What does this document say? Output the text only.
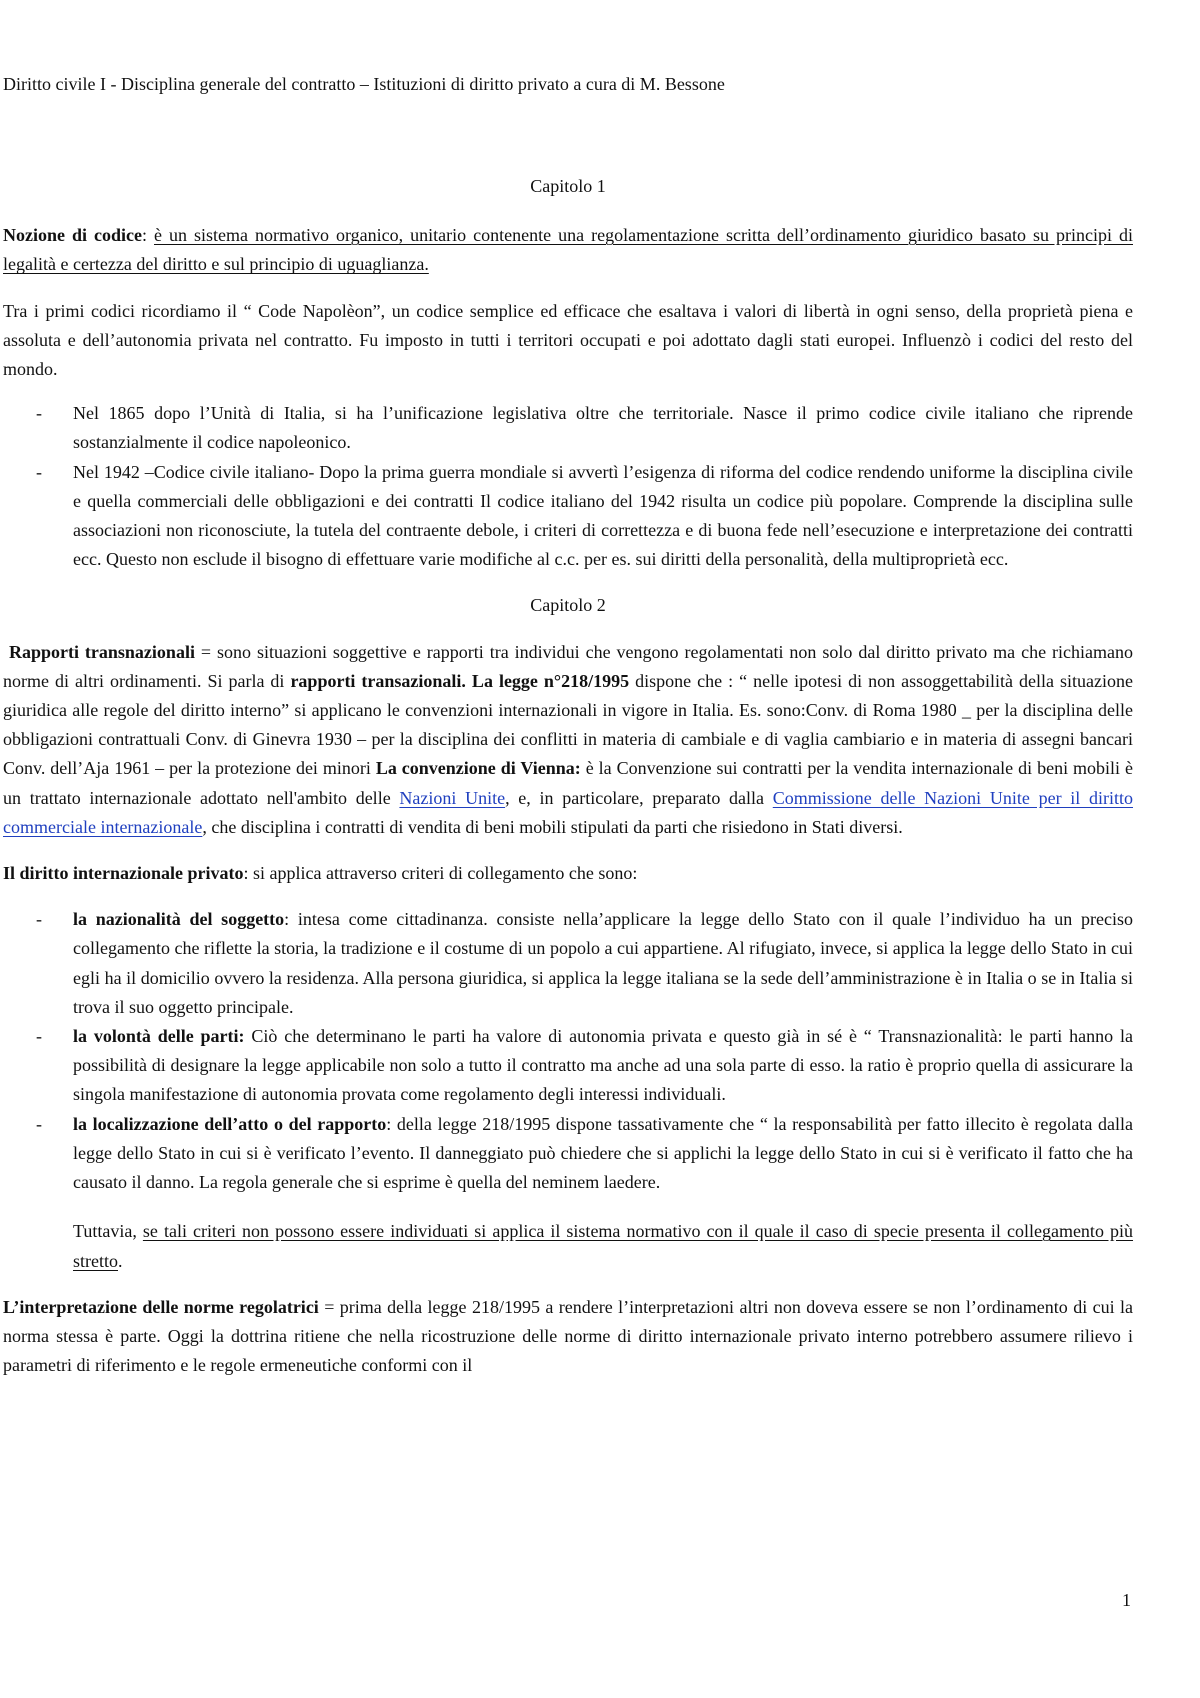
Diritto civile I - Disciplina generale del contratto – Istituzioni di diritto privato a cura di M. Bessone

Capitolo 1

Nozione di codice: è un sistema normativo organico, unitario contenente una regolamentazione scritta dell’ordinamento giuridico basato su principi di legalità e certezza del diritto e sul principio di uguaglianza.

Tra i primi codici ricordiamo il “ Code Napolèon”, un codice semplice ed efficace che esaltava i valori di libertà in ogni senso, della proprietà piena e assoluta e dell’autonomia privata nel contratto. Fu imposto in tutti i territori occupati e poi adottato dagli stati europei. Influenzò i codici del resto del mondo.

- Nel 1865 dopo l’Unità di Italia, si ha l’unificazione legislativa oltre che territoriale. Nasce il primo codice civile italiano che riprende sostanzialmente il codice napoleonico.
- Nel 1942 –Codice civile italiano- Dopo la prima guerra mondiale si avvertì l’esigenza di riforma del codice rendendo uniforme la disciplina civile e quella commerciali delle obbligazioni e dei contratti Il codice italiano del 1942 risulta un codice più popolare. Comprende la disciplina sulle associazioni non riconosciute, la tutela del contraente debole, i criteri di correttezza e di buona fede nell’esecuzione e interpretazione dei contratti ecc. Questo non esclude il bisogno di effettuare varie modifiche al c.c. per es. sui diritti della personalità, della multiproprietà ecc.

Capitolo 2

Rapporti transnazionali = sono situazioni soggettive e rapporti tra individui che vengono regolamentati non solo dal diritto privato ma che richiamano norme di altri ordinamenti. Si parla di rapporti transazionali. La legge n°218/1995 dispone che : “ nelle ipotesi di non assoggettabilità della situazione giuridica alle regole del diritto interno” si applicano le convenzioni internazionali in vigore in Italia. Es. sono:Conv. di Roma 1980 _ per la disciplina delle obbligazioni contrattuali Conv. di Ginevra 1930 – per la disciplina dei conflitti in materia di cambiale e di vaglia cambiario e in materia di assegni bancari Conv. dell’Aja 1961 – per la protezione dei minori La convenzione di Vienna: è la Convenzione sui contratti per la vendita internazionale di beni mobili è un trattato internazionale adottato nell'ambito delle Nazioni Unite, e, in particolare, preparato dalla Commissione delle Nazioni Unite per il diritto commerciale internazionale, che disciplina i contratti di vendita di beni mobili stipulati da parti che risiedono in Stati diversi.

Il diritto internazionale privato: si applica attraverso criteri di collegamento che sono:

- la nazionalità del soggetto: intesa come cittadinanza. consiste nella’applicare la legge dello Stato con il quale l’individuo ha un preciso collegamento che riflette la storia, la tradizione e il costume di un popolo a cui appartiene. Al rifugiato, invece, si applica la legge dello Stato in cui egli ha il domicilio ovvero la residenza. Alla persona giuridica, si applica la legge italiana se la sede dell’amministrazione è in Italia o se in Italia si trova il suo oggetto principale.
- la volontà delle parti: Ciò che determinano le parti ha valore di autonomia privata e questo già in sé è “ Transnazionalità: le parti hanno la possibilità di designare la legge applicabile non solo a tutto il contratto ma anche ad una sola parte di esso. la ratio è proprio quella di assicurare la singola manifestazione di autonomia provata come regolamento degli interessi individuali.
- la localizzazione dell’atto o del rapporto: della legge 218/1995 dispone tassativamente che “ la responsabilità per fatto illecito è regolata dalla legge dello Stato in cui si è verificato l’evento. Il danneggiato può chiedere che si applichi la legge dello Stato in cui si è verificato il fatto che ha causato il danno. La regola generale che si esprime è quella del neminem laedere.

Tuttavia, se tali criteri non possono essere individuati si applica il sistema normativo con il quale il caso di specie presenta il collegamento più stretto.

L’interpretazione delle norme regolatrici = prima della legge 218/1995 a rendere l’interpretazioni altri non doveva essere se non l’ordinamento di cui la norma stessa è parte. Oggi la dottrina ritiene che nella ricostruzione delle norme di diritto internazionale privato interno potrebbero assumere rilievo i parametri di riferimento e le regole ermeneutiche conformi con il

1
